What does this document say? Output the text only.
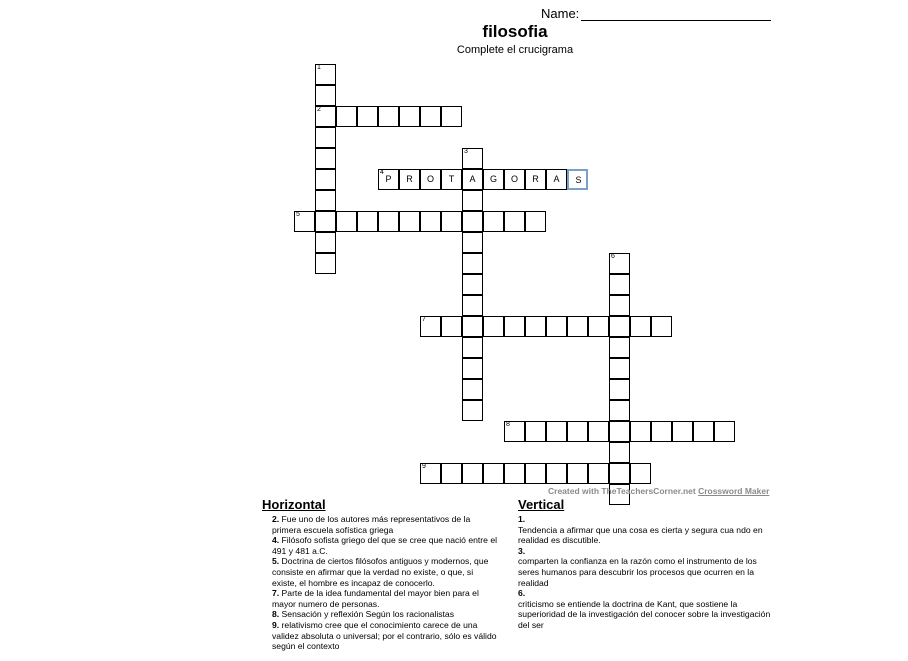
Name:
filosofia
Complete el crucigrama
1
2
3
A
4
P	R	O	T	G	O	R	A	S
5
6
7
8
9
Created with TheTeachersCorner.net Crossword Maker
Horizontal
2. Fue uno de los autores más representativos de la primera escuela sofística griega
4. Filósofo sofista griego del que se cree que nació entre el 491 y 481 a.C.
5. Doctrina de ciertos filósofos antiguos y modernos, que consiste en afirmar que la verdad no existe, o que, si existe, el hombre es incapaz de conocerlo.
7. Parte de la idea fundamental del mayor bien para el mayor numero de personas.
8. Sensación y reflexión Según los racionalistas
9. relativismo cree que el conocimiento carece de una validez absoluta o universal; por el contrario, sólo es válido según el contexto
Vertical
1.
Tendencia a afirmar que una cosa es cierta y segura cua ndo en realidad es discutible.
3.
comparten la confianza en la razón como el instrumento de los seres humanos para descubrir los procesos que ocurren en la realidad
6.
criticismo se entiende la doctrina de Kant, que sostiene la superioridad de la investigación del conocer sobre la investigación del ser
